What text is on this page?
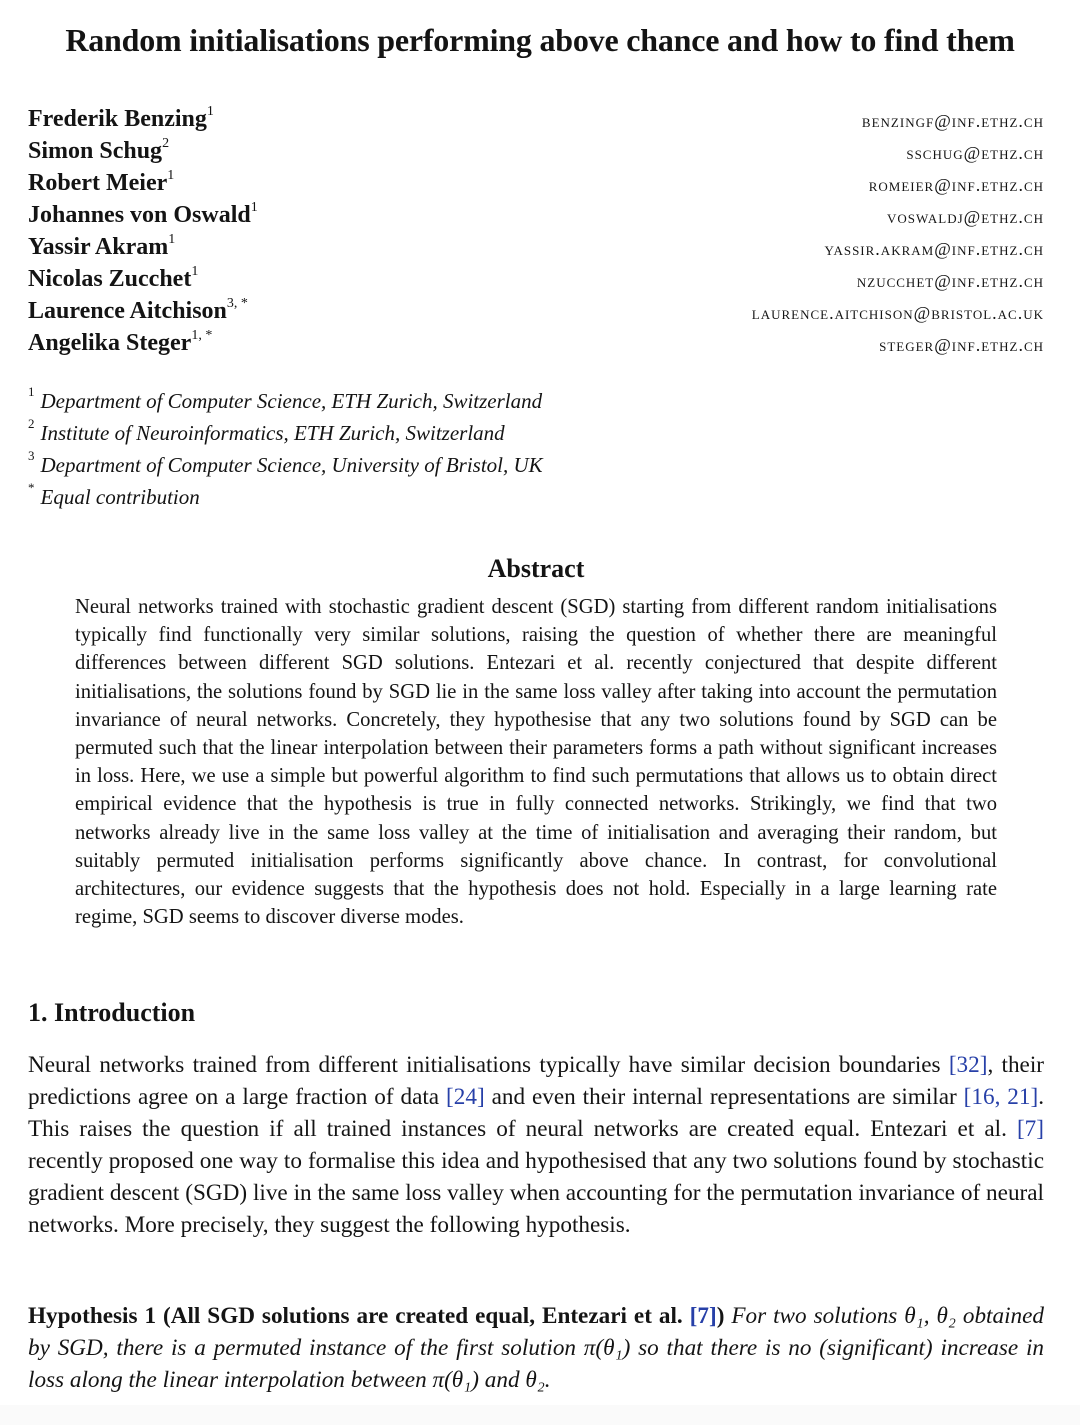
Random initialisations performing above chance and how to find them
Frederik Benzing$^1$	benzingf@inf.ethz.ch
Simon Schug$^2$	sschug@ethz.ch
Robert Meier$^1$	romeier@inf.ethz.ch
Johannes von Oswald$^1$	voswaldj@ethz.ch
Yassir Akram$^1$	yassir.akram@inf.ethz.ch
Nicolas Zucchet$^1$	nzucchet@inf.ethz.ch
Laurence Aitchison$^{3, *}$	laurence.aitchison@bristol.ac.uk
Angelika Steger$^{1, *}$	steger@inf.ethz.ch
$^1$ Department of Computer Science, ETH Zurich, Switzerland
$^2$ Institute of Neuroinformatics, ETH Zurich, Switzerland
$^3$ Department of Computer Science, University of Bristol, UK
* Equal contribution
Abstract
Neural networks trained with stochastic gradient descent (SGD) starting from different random initialisations typically find functionally very similar solutions, raising the question of whether there are meaningful differences between different SGD solutions. Entezari et al. recently conjectured that despite different initialisations, the solutions found by SGD lie in the same loss valley after taking into account the permutation invariance of neural networks. Concretely, they hypothesise that any two solutions found by SGD can be permuted such that the linear interpolation between their parameters forms a path without significant increases in loss. Here, we use a simple but powerful algorithm to find such permutations that allows us to obtain direct empirical evidence that the hypothesis is true in fully connected networks. Strikingly, we find that two networks already live in the same loss valley at the time of initialisation and averaging their random, but suitably permuted initialisation performs significantly above chance. In contrast, for convolutional architectures, our evidence suggests that the hypothesis does not hold. Especially in a large learning rate regime, SGD seems to discover diverse modes.
1. Introduction
Neural networks trained from different initialisations typically have similar decision boundaries [32], their predictions agree on a large fraction of data [24] and even their internal representations are similar [16, 21]. This raises the question if all trained instances of neural networks are created equal. Entezari et al. [7] recently proposed one way to formalise this idea and hypothesised that any two solutions found by stochastic gradient descent (SGD) live in the same loss valley when accounting for the permutation invariance of neural networks. More precisely, they suggest the following hypothesis.
Hypothesis 1 (All SGD solutions are created equal, Entezari et al. [7]) For two solutions θ₁, θ₂ obtained by SGD, there is a permuted instance of the first solution π(θ₁) so that there is no (significant) increase in loss along the linear interpolation between π(θ₁) and θ₂.
